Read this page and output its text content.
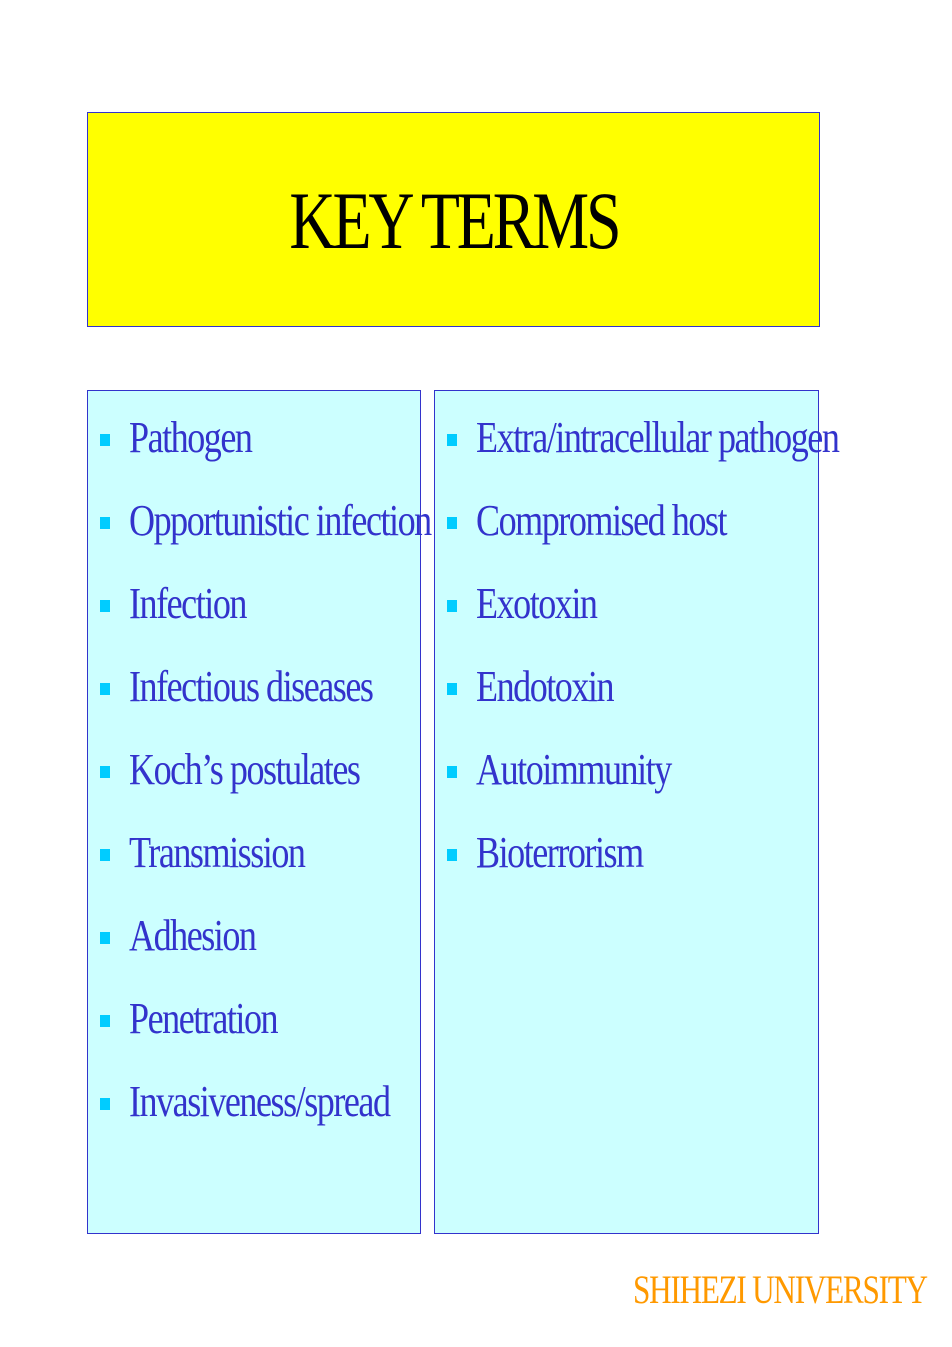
KEY TERMS
Pathogen
Opportunistic infection
Infection
Infectious diseases
Koch’s postulates
Transmission
Adhesion
Penetration
Invasiveness/spread
Extra/intracellular pathogen
Compromised host
Exotoxin
Endotoxin
Autoimmunity
Bioterrorism
SHIHEZI UNIVERSITY
